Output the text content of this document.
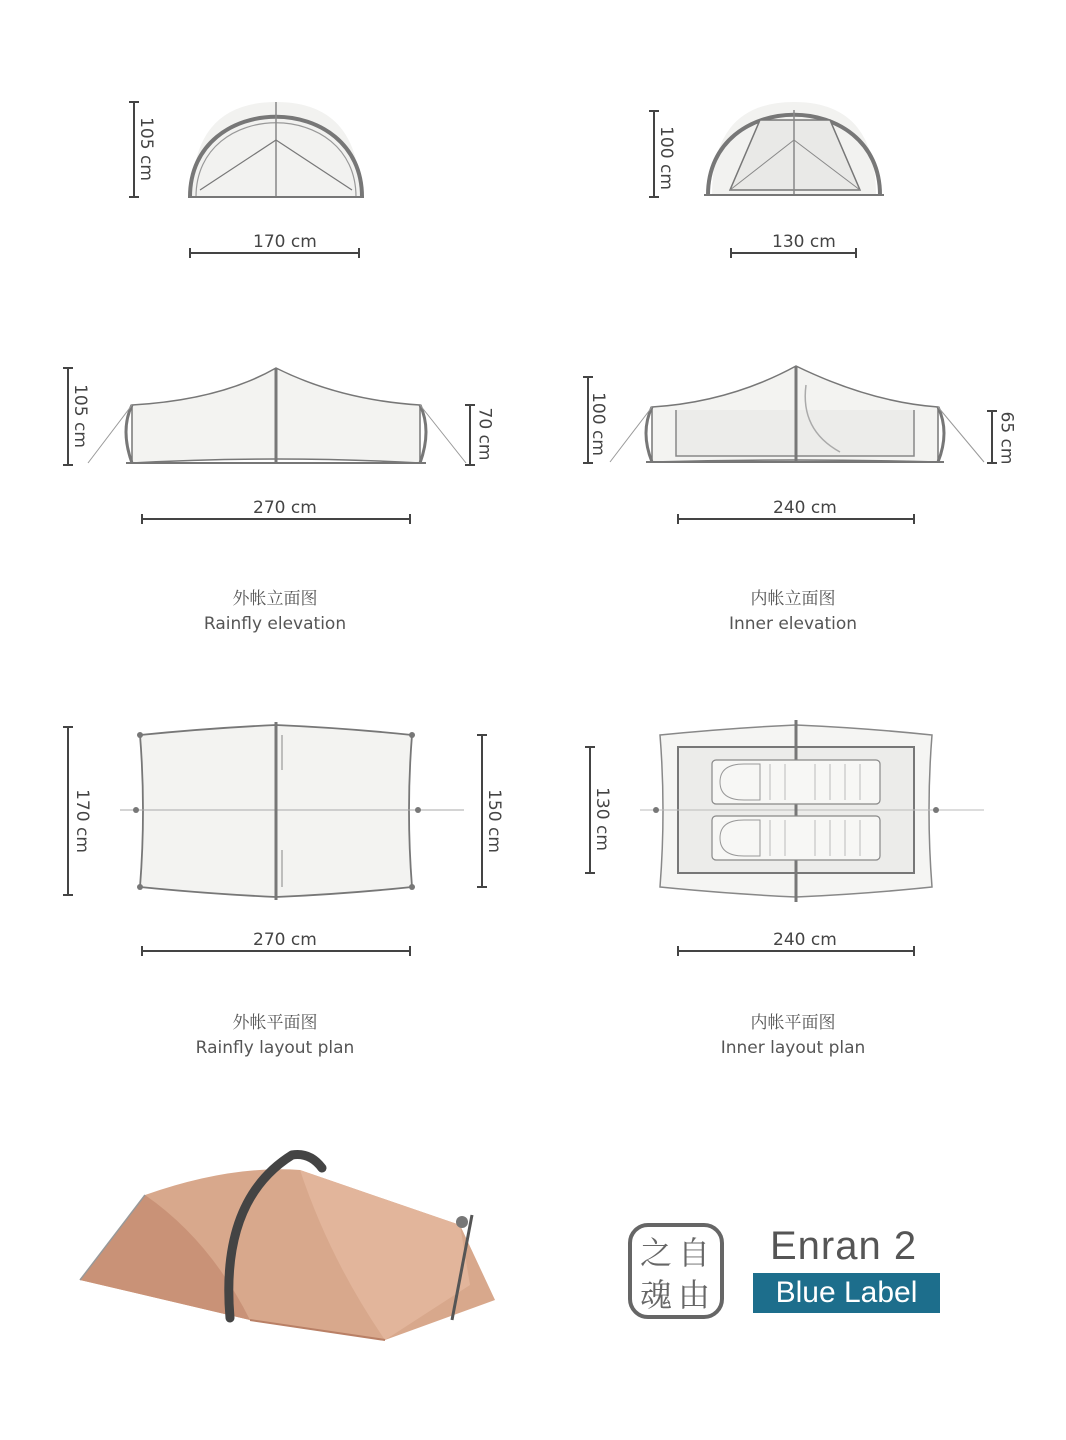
170 cm
105 cm
130 cm
100 cm
270 cm
105 cm	70 cm
240 cm
100 cm	65 cm
270 cm
170 cm	150 cm
240 cm
130 cm
外帐立面图
Rainfly elevation
内帐立面图
Inner elevation
外帐平面图
Rainfly layout plan
内帐平面图
Inner layout plan
之 自
魂 由
Enran 2
Blue Label
